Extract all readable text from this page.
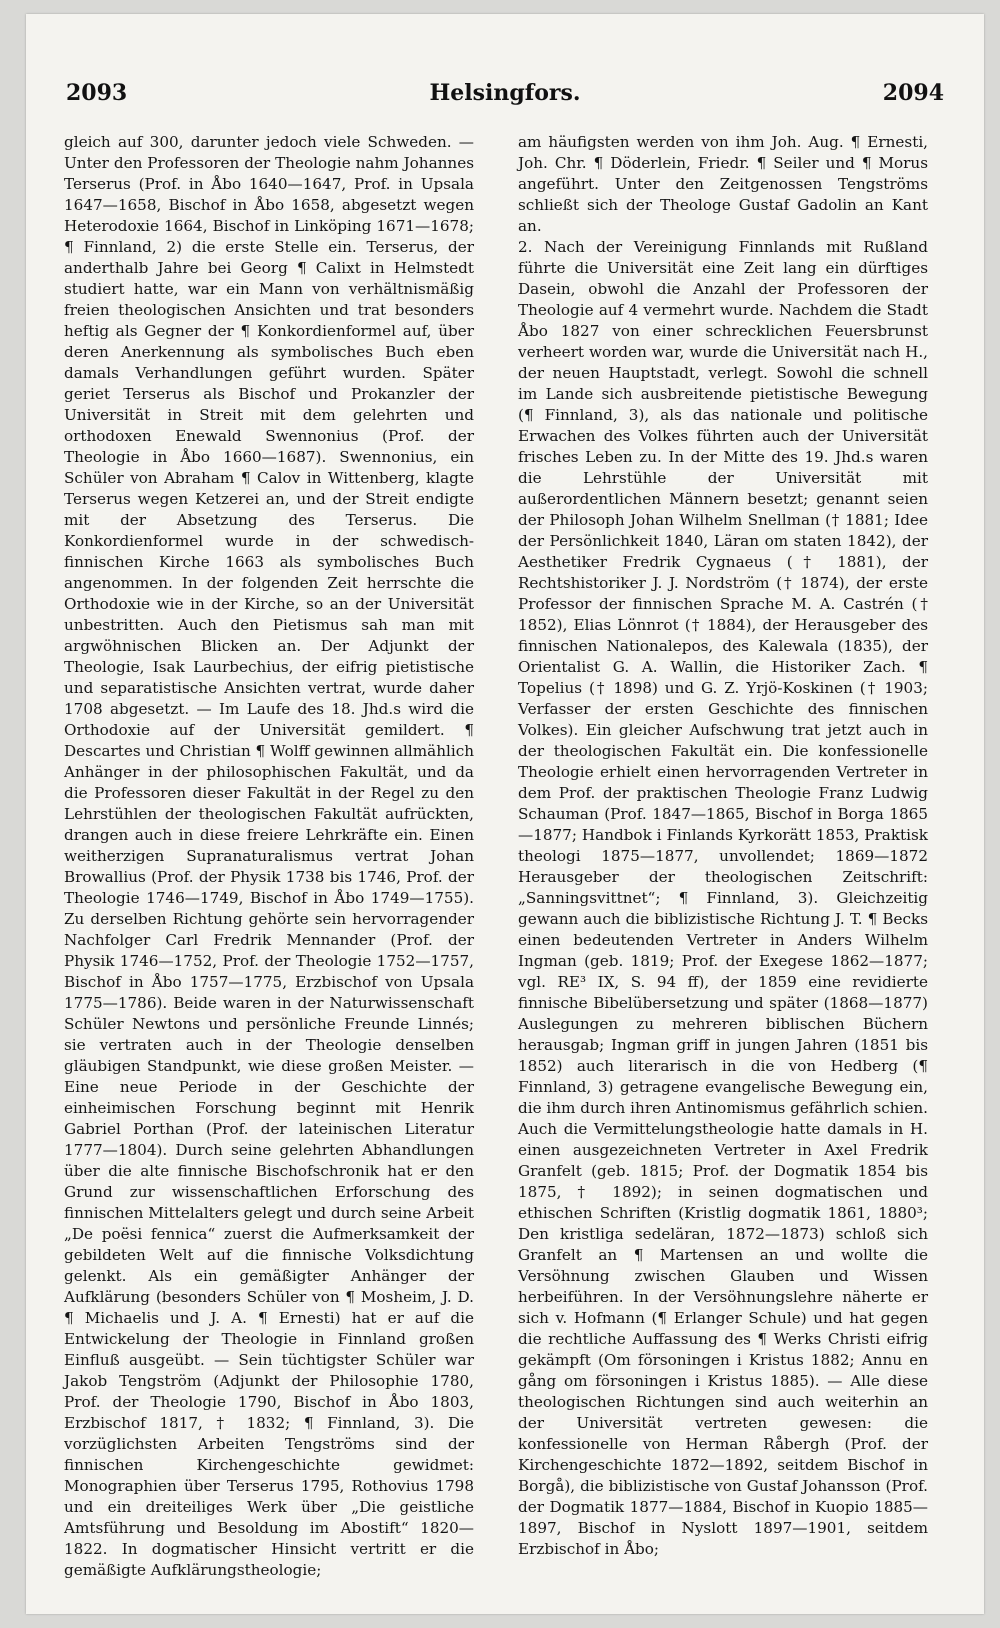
2093	Helsingfors.	2094

gleich auf 300, darunter jedoch viele Schweden. — Unter den Professoren der Theologie nahm Johannes Terserus (Prof. in Åbo 1640—1647, Prof. in Upsala 1647—1658, Bischof in Åbo 1658, abgesetzt wegen Heterodoxie 1664, Bischof in Linköping 1671—1678; ¶ Finnland, 2) die erste Stelle ein. Terserus, der anderthalb Jahre bei Georg ¶ Calixt in Helmstedt studiert hatte, war ein Mann von verhältnismäßig freien theologischen Ansichten und trat besonders heftig als Gegner der ¶ Konkordienformel auf, über deren Anerkennung als symbolisches Buch eben damals Verhandlungen geführt wurden. Später geriet Terserus als Bischof und Prokanzler der Universität in Streit mit dem gelehrten und orthodoxen Enewald Swennonius (Prof. der Theologie in Åbo 1660—1687). Swennonius, ein Schüler von Abraham ¶ Calov in Wittenberg, klagte Terserus wegen Ketzerei an, und der Streit endigte mit der Absetzung des Terserus. Die Konkordienformel wurde in der schwedisch-finnischen Kirche 1663 als symbolisches Buch angenommen. In der folgenden Zeit herrschte die Orthodoxie wie in der Kirche, so an der Universität unbestritten. Auch den Pietismus sah man mit argwöhnischen Blicken an. Der Adjunkt der Theologie, Isak Laurbechius, der eifrig pietistische und separatistische Ansichten vertrat, wurde daher 1708 abgesetzt. — Im Laufe des 18. Jhd.s wird die Orthodoxie auf der Universität gemildert. ¶ Descartes und Christian ¶ Wolff gewinnen allmählich Anhänger in der philosophischen Fakultät, und da die Professoren dieser Fakultät in der Regel zu den Lehrstühlen der theologischen Fakultät aufrückten, drangen auch in diese freiere Lehrkräfte ein. Einen weitherzigen Supranaturalismus vertrat Johan Browallius (Prof. der Physik 1738 bis 1746, Prof. der Theologie 1746—1749, Bischof in Åbo 1749—1755). Zu derselben Richtung gehörte sein hervorragender Nachfolger Carl Fredrik Mennander (Prof. der Physik 1746—1752, Prof. der Theologie 1752—1757, Bischof in Åbo 1757—1775, Erzbischof von Upsala 1775—1786). Beide waren in der Naturwissenschaft Schüler Newtons und persönliche Freunde Linnés; sie vertraten auch in der Theologie denselben gläubigen Standpunkt, wie diese großen Meister. — Eine neue Periode in der Geschichte der einheimischen Forschung beginnt mit Henrik Gabriel Porthan (Prof. der lateinischen Literatur 1777—1804). Durch seine gelehrten Abhandlungen über die alte finnische Bischofschronik hat er den Grund zur wissenschaftlichen Erforschung des finnischen Mittelalters gelegt und durch seine Arbeit „De poësi fennica“ zuerst die Aufmerksamkeit der gebildeten Welt auf die finnische Volksdichtung gelenkt. Als ein gemäßigter Anhänger der Aufklärung (besonders Schüler von ¶ Mosheim, J. D. ¶ Michaelis und J. A. ¶ Ernesti) hat er auf die Entwickelung der Theologie in Finnland großen Einfluß ausgeübt. — Sein tüchtigster Schüler war Jakob Tengström (Adjunkt der Philosophie 1780, Prof. der Theologie 1790, Bischof in Åbo 1803, Erzbischof 1817, † 1832; ¶ Finnland, 3). Die vorzüglichsten Arbeiten Tengströms sind der finnischen Kirchengeschichte gewidmet: Monographien über Terserus 1795, Rothovius 1798 und ein dreiteiliges Werk über „Die geistliche Amtsführung und Besoldung im Abostift“ 1820—1822. In dogmatischer Hinsicht vertritt er die gemäßigte Aufklärungstheologie;

am häufigsten werden von ihm Joh. Aug. ¶ Ernesti, Joh. Chr. ¶ Döderlein, Friedr. ¶ Seiler und ¶ Morus angeführt. Unter den Zeitgenossen Tengströms schließt sich der Theologe Gustaf Gadolin an Kant an.

2. Nach der Vereinigung Finnlands mit Rußland führte die Universität eine Zeit lang ein dürftiges Dasein, obwohl die Anzahl der Professoren der Theologie auf 4 vermehrt wurde. Nachdem die Stadt Åbo 1827 von einer schrecklichen Feuersbrunst verheert worden war, wurde die Universität nach H., der neuen Hauptstadt, verlegt. Sowohl die schnell im Lande sich ausbreitende pietistische Bewegung (¶ Finnland, 3), als das nationale und politische Erwachen des Volkes führten auch der Universität frisches Leben zu. In der Mitte des 19. Jhd.s waren die Lehrstühle der Universität mit außerordentlichen Männern besetzt; genannt seien der Philosoph Johan Wilhelm Snellman († 1881; Idee der Persönlichkeit 1840, Läran om staten 1842), der Aesthetiker Fredrik Cygnaeus († 1881), der Rechtshistoriker J. J. Nordström († 1874), der erste Professor der finnischen Sprache M. A. Castrén († 1852), Elias Lönnrot († 1884), der Herausgeber des finnischen Nationalepos, des Kalewala (1835), der Orientalist G. A. Wallin, die Historiker Zach. ¶ Topelius († 1898) und G. Z. Yrjö-Koskinen († 1903; Verfasser der ersten Geschichte des finnischen Volkes). Ein gleicher Aufschwung trat jetzt auch in der theologischen Fakultät ein. Die konfessionelle Theologie erhielt einen hervorragenden Vertreter in dem Prof. der praktischen Theologie Franz Ludwig Schauman (Prof. 1847—1865, Bischof in Borga 1865—1877; Handbok i Finlands Kyrkorätt 1853, Praktisk theologi 1875—1877, unvollendet; 1869—1872 Herausgeber der theologischen Zeitschrift: „Sanningsvittnet“; ¶ Finnland, 3). Gleichzeitig gewann auch die biblizistische Richtung J. T. ¶ Becks einen bedeutenden Vertreter in Anders Wilhelm Ingman (geb. 1819; Prof. der Exegese 1862—1877; vgl. RE³ IX, S. 94 ff), der 1859 eine revidierte finnische Bibelübersetzung und später (1868—1877) Auslegungen zu mehreren biblischen Büchern herausgab; Ingman griff in jungen Jahren (1851 bis 1852) auch literarisch in die von Hedberg (¶ Finnland, 3) getragene evangelische Bewegung ein, die ihm durch ihren Antinomismus gefährlich schien. Auch die Vermittelungstheologie hatte damals in H. einen ausgezeichneten Vertreter in Axel Fredrik Granfelt (geb. 1815; Prof. der Dogmatik 1854 bis 1875, † 1892); in seinen dogmatischen und ethischen Schriften (Kristlig dogmatik 1861, 1880³; Den kristliga sedeläran, 1872—1873) schloß sich Granfelt an ¶ Martensen an und wollte die Versöhnung zwischen Glauben und Wissen herbeiführen. In der Versöhnungslehre näherte er sich v. Hofmann (¶ Erlanger Schule) und hat gegen die rechtliche Auffassung des ¶ Werks Christi eifrig gekämpft (Om försoningen i Kristus 1882; Annu en gång om försoningen i Kristus 1885). — Alle diese theologischen Richtungen sind auch weiterhin an der Universität vertreten gewesen: die konfessionelle von Herman Råbergh (Prof. der Kirchengeschichte 1872—1892, seitdem Bischof in Borgå), die biblizistische von Gustaf Johansson (Prof. der Dogmatik 1877—1884, Bischof in Kuopio 1885—1897, Bischof in Nyslott 1897—1901, seitdem Erzbischof in Åbo;
